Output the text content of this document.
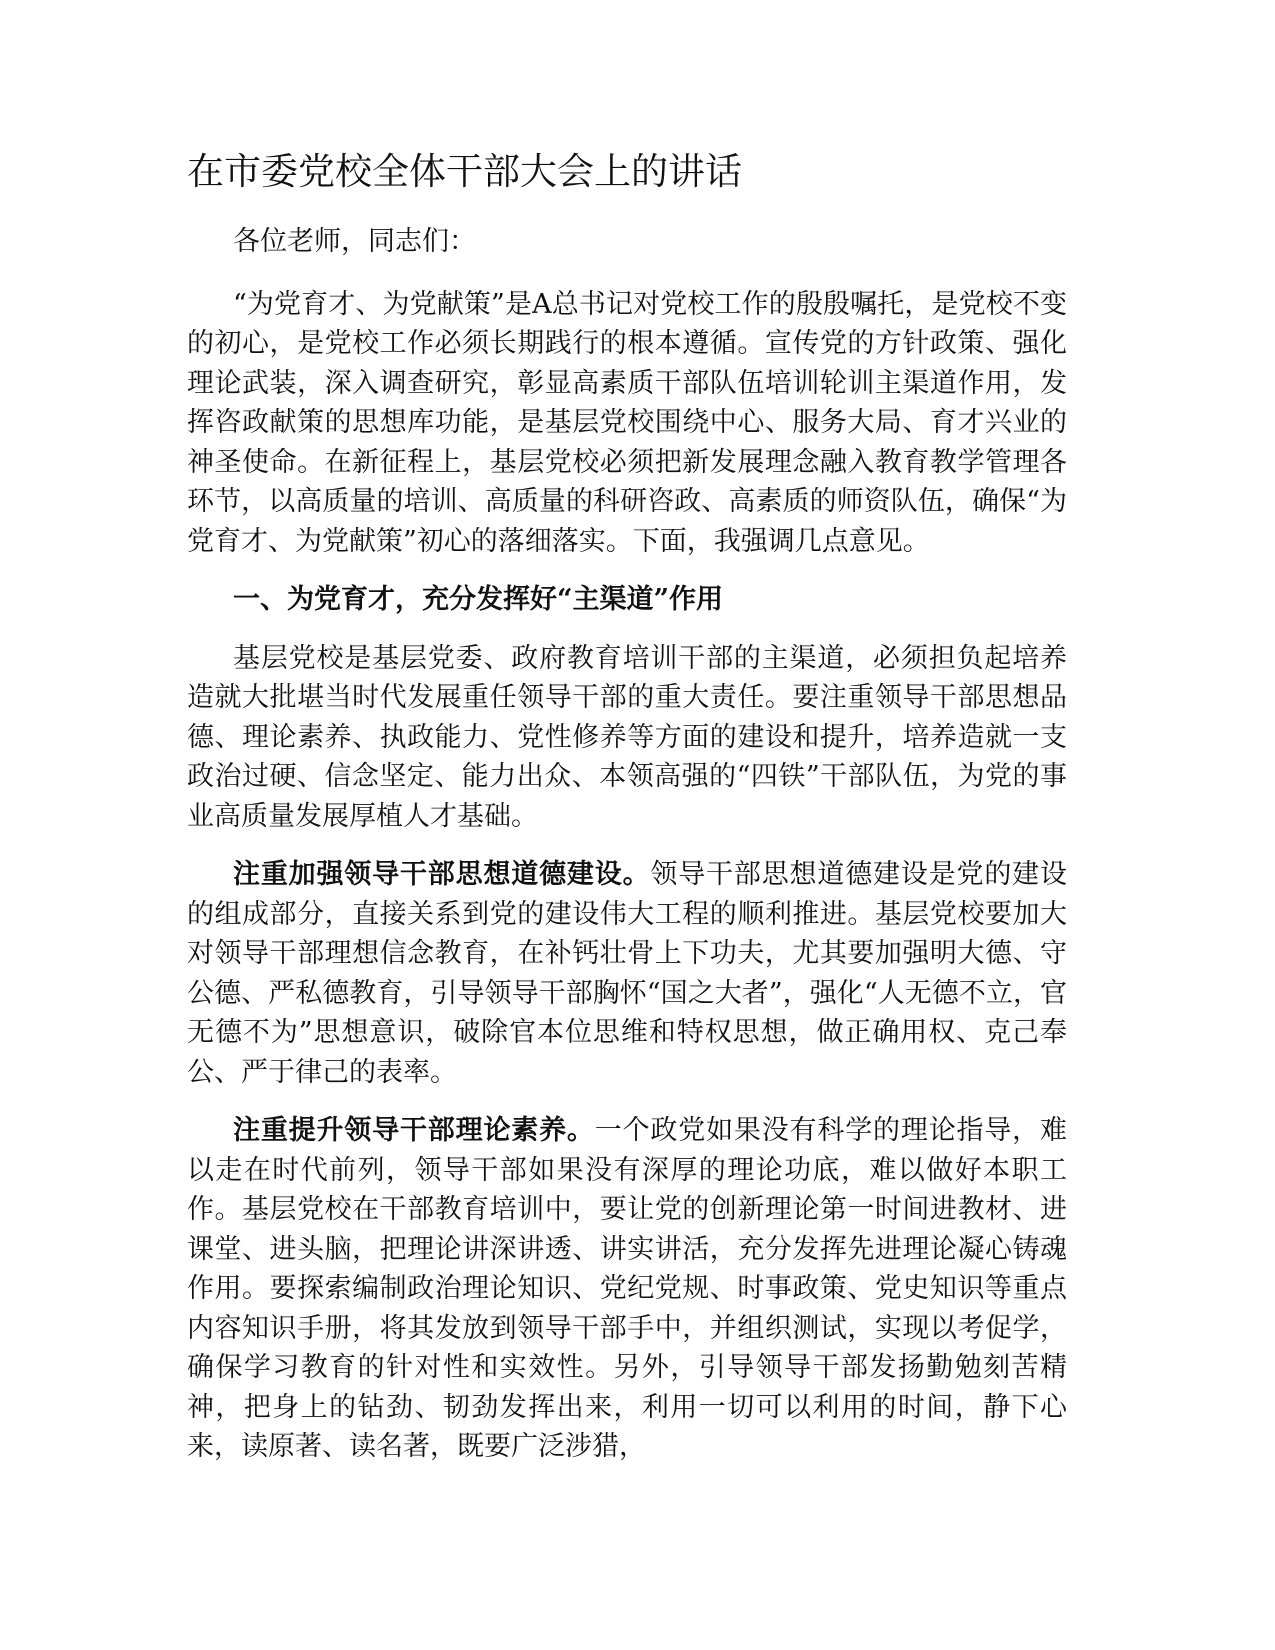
在市委党校全体干部大会上的讲话

各位老师，同志们：

“为党育才、为党献策”是A总书记对党校工作的殷殷嘱托，是党校不变的初心，是党校工作必须长期践行的根本遵循。宣传党的方针政策、强化理论武装，深入调查研究，彰显高素质干部队伍培训轮训主渠道作用，发挥咨政献策的思想库功能，是基层党校围绕中心、服务大局、育才兴业的神圣使命。在新征程上，基层党校必须把新发展理念融入教育教学管理各环节，以高质量的培训、高质量的科研咨政、高素质的师资队伍，确保“为党育才、为党献策”初心的落细落实。下面，我强调几点意见。

一、为党育才，充分发挥好“主渠道”作用

基层党校是基层党委、政府教育培训干部的主渠道，必须担负起培养造就大批堪当时代发展重任领导干部的重大责任。要注重领导干部思想品德、理论素养、执政能力、党性修养等方面的建设和提升，培养造就一支政治过硬、信念坚定、能力出众、本领高强的“四铁”干部队伍，为党的事业高质量发展厚植人才基础。

注重加强领导干部思想道德建设。领导干部思想道德建设是党的建设的组成部分，直接关系到党的建设伟大工程的顺利推进。基层党校要加大对领导干部理想信念教育，在补钙壮骨上下功夫，尤其要加强明大德、守公德、严私德教育，引导领导干部胸怀“国之大者”，强化“人无德不立，官无德不为”思想意识，破除官本位思维和特权思想，做正确用权、克己奉公、严于律己的表率。

注重提升领导干部理论素养。一个政党如果没有科学的理论指导，难以走在时代前列，领导干部如果没有深厚的理论功底，难以做好本职工作。基层党校在干部教育培训中，要让党的创新理论第一时间进教材、进课堂、进头脑，把理论讲深讲透、讲实讲活，充分发挥先进理论凝心铸魂作用。要探索编制政治理论知识、党纪党规、时事政策、党史知识等重点内容知识手册，将其发放到领导干部手中，并组织测试，实现以考促学，确保学习教育的针对性和实效性。另外，引导领导干部发扬勤勉刻苦精神，把身上的钻劲、韧劲发挥出来，利用一切可以利用的时间，静下心来，读原著、读名著，既要广泛涉猎，
